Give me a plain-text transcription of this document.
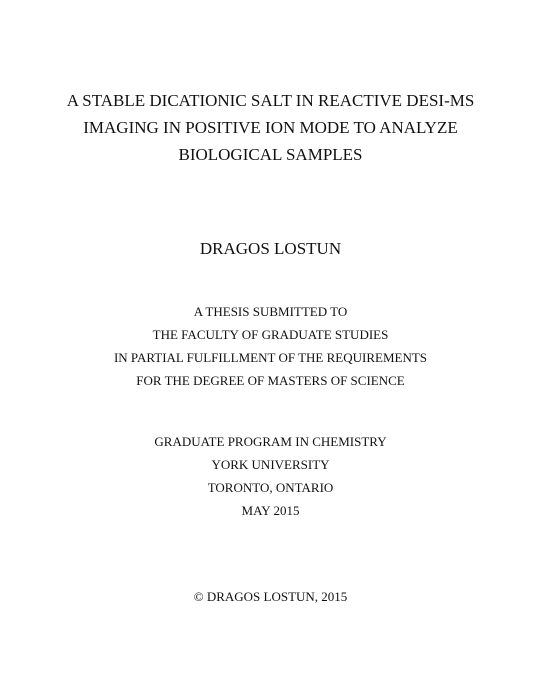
A STABLE DICATIONIC SALT IN REACTIVE DESI-MS
IMAGING IN POSITIVE ION MODE TO ANALYZE
BIOLOGICAL SAMPLES
DRAGOS LOSTUN
A THESIS SUBMITTED TO
THE FACULTY OF GRADUATE STUDIES
IN PARTIAL FULFILLMENT OF THE REQUIREMENTS
FOR THE DEGREE OF MASTERS OF SCIENCE
GRADUATE PROGRAM IN CHEMISTRY
YORK UNIVERSITY
TORONTO, ONTARIO
MAY 2015
© DRAGOS LOSTUN, 2015
